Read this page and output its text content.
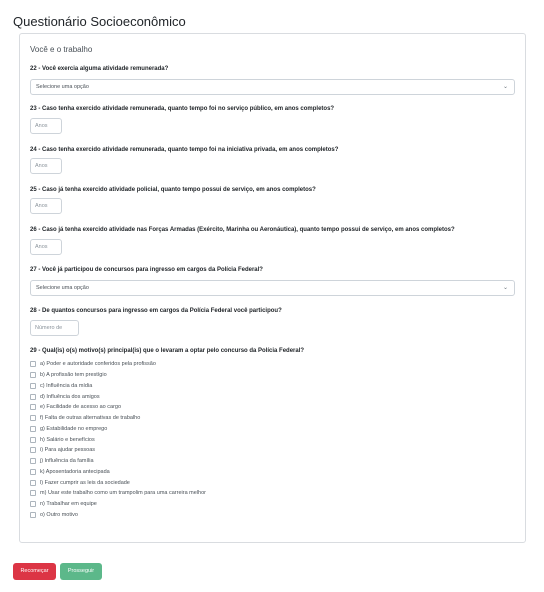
Questionário Socioeconômico
Você e o trabalho
22 - Você exercia alguma atividade remunerada?
Selecione uma opção	⌄
23 - Caso tenha exercido atividade remunerada, quanto tempo foi no serviço público, em anos completos?
Anos
24 - Caso tenha exercido atividade remunerada, quanto tempo foi na iniciativa privada, em anos completos?
Anos
25 - Caso já tenha exercido atividade policial, quanto tempo possui de serviço, em anos completos?
Anos
26 - Caso já tenha exercido atividade nas Forças Armadas (Exército, Marinha ou Aeronáutica), quanto tempo possui de serviço, em anos completos?
Anos
27 - Você já participou de concursos para ingresso em cargos da Polícia Federal?
Selecione uma opção	⌄
28 - De quantos concursos para ingresso em cargos da Polícia Federal você participou?
Número de
29 - Qual(is) o(s) motivo(s) principal(is) que o levaram a optar pelo concurso da Polícia Federal?
a) Poder e autoridade conferidos pela profissão
b) A profissão tem prestígio
c) Influência da mídia
d) Influência dos amigos
e) Facilidade de acesso ao cargo
f) Falta de outras alternativas de trabalho
g) Estabilidade no emprego
h) Salário e benefícios
i) Para ajudar pessoas
j) Influência da família
k) Aposentadoria antecipada
l) Fazer cumprir as leis da sociedade
m) Usar este trabalho como um trampolim para uma carreira melhor
n) Trabalhar em equipe
o) Outro motivo
Recomeçar	Prosseguir
